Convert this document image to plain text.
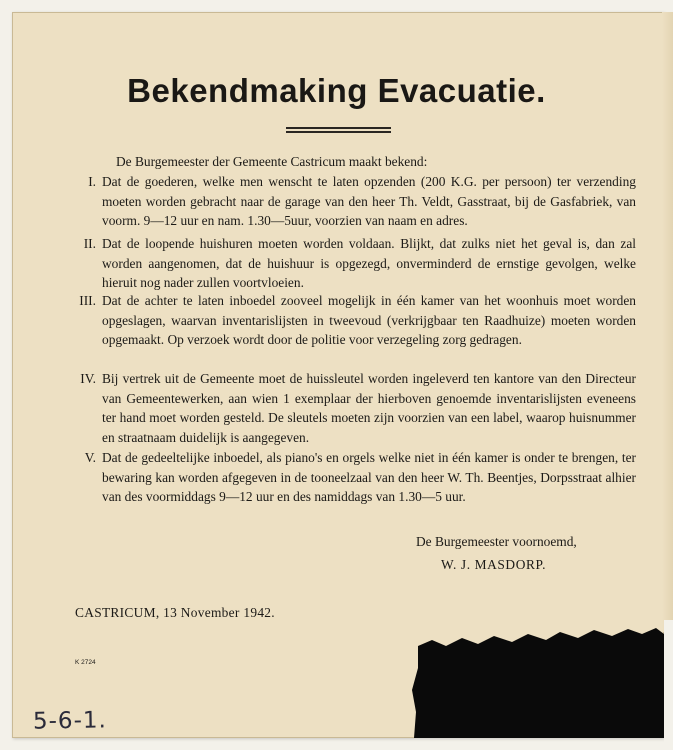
Bekendmaking Evacuatie.
De Burgemeester der Gemeente Castricum maakt bekend:
I. Dat de goederen, welke men wenscht te laten opzenden (200 K.G. per persoon) ter verzending moeten worden gebracht naar de garage van den heer Th. Veldt, Gasstraat, bij de Gasfabriek, van voorm. 9—12 uur en nam. 1.30—5uur, voorzien van naam en adres.
II. Dat de loopende huishuren moeten worden voldaan. Blijkt, dat zulks niet het geval is, dan zal worden aangenomen, dat de huishuur is opgezegd, onverminderd de ernstige gevolgen, welke hieruit nog nader zullen voortvloeien.
III. Dat de achter te laten inboedel zooveel mogelijk in één kamer van het woonhuis moet worden opgeslagen, waarvan inventarislijsten in tweevoud (verkrijgbaar ten Raadhuize) moeten worden opgemaakt. Op verzoek wordt door de politie voor verzegeling zorg gedragen.
IV. Bij vertrek uit de Gemeente moet de huissleutel worden ingeleverd ten kantore van den Directeur van Gemeentewerken, aan wien 1 exemplaar der hierboven genoemde inventarislijsten eveneens ter hand moet worden gesteld. De sleutels moeten zijn voorzien van een label, waarop huisnummer en straatnaam duidelijk is aangegeven.
V. Dat de gedeeltelijke inboedel, als piano's en orgels welke niet in één kamer is onder te brengen, ter bewaring kan worden afgegeven in de tooneelzaal van den heer W. Th. Beentjes, Dorpsstraat alhier van des voormiddags 9—12 uur en des namiddags van 1.30—5 uur.
De Burgemeester voornoemd,
W. J. MASDORP.
CASTRICUM, 13 November 1942.
K 2724
5-6-1.
